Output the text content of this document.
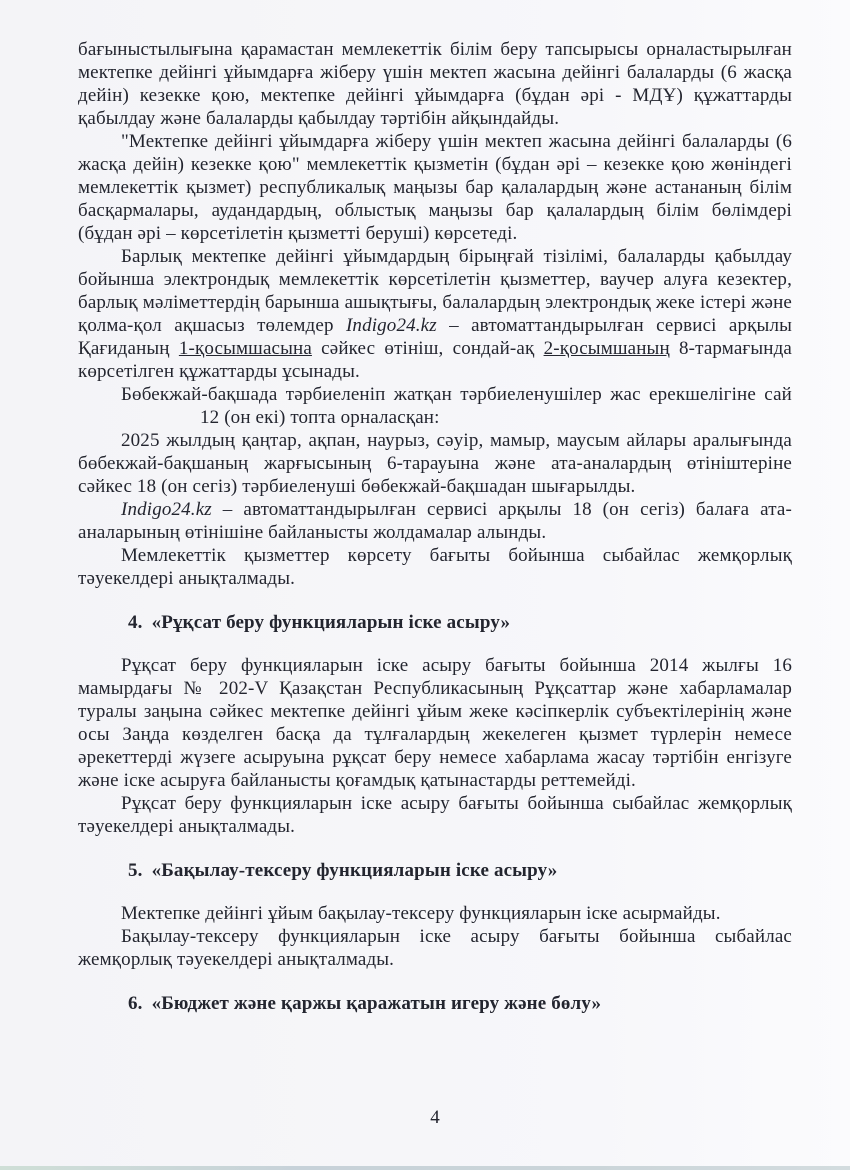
бағыныстылығына қарамастан мемлекеттік білім беру тапсырысы орналастырылған мектепке дейінгі ұйымдарға жіберу үшін мектеп жасына дейінгі балаларды (6 жасқа дейін) кезекке қою, мектепке дейінгі ұйымдарға (бұдан әрі - МДҰ) құжаттарды қабылдау және балаларды қабылдау тәртібін айқындайды.

"Мектепке дейінгі ұйымдарға жіберу үшін мектеп жасына дейінгі балаларды (6 жасқа дейін) кезекке қою" мемлекеттік қызметін (бұдан әрі – кезекке қою жөніндегі мемлекеттік қызмет) республикалық маңызы бар қалалардың және астананың білім басқармалары, аудандардың, облыстық маңызы бар қалалардың білім бөлімдері (бұдан әрі – көрсетілетін қызметті беруші) көрсетеді.

Барлық мектепке дейінгі ұйымдардың бірыңғай тізілімі, балаларды қабылдау бойынша электрондық мемлекеттік көрсетілетін қызметтер, ваучер алуға кезектер, барлық мәліметтердің барынша ашықтығы, балалардың электрондық жеке істері және қолма-қол ақшасыз төлемдер Indigo24.kz – автоматтандырылған сервисі арқылы Қағиданың 1-қосымшасына сәйкес өтініш, сондай-ақ 2-қосымшаның 8-тармағында көрсетілген құжаттарды ұсынады.

Бөбекжай-бақшада тәрбиеленіп жатқан тәрбиеленушілер жас ерекшелігіне сай12 (он екі) топта орналасқан:

2025 жылдың қаңтар, ақпан, наурыз, сәуір, мамыр, маусым айлары аралығында бөбекжай-бақшаның жарғысының 6-тарауына және ата-аналардың өтініштеріне сәйкес 18 (он сегіз) тәрбиеленуші бөбекжай-бақшадан шығарылды.

Indigo24.kz – автоматтандырылған сервисі арқылы 18 (он сегіз) балаға ата-аналарының өтінішіне байланысты жолдамалар алынды.

Мемлекеттік қызметтер көрсету бағыты бойынша сыбайлас жемқорлық тәуекелдері анықталмады.

4. «Рұқсат беру функцияларын іске асыру»

Рұқсат беру функцияларын іске асыру бағыты бойынша 2014 жылғы 16 мамырдағы № 202-V Қазақстан Республикасының Рұқсаттар және хабарламалар туралы заңына сәйкес мектепке дейінгі ұйым жеке кәсіпкерлік субъектілерінің және осы Заңда көзделген басқа да тұлғалардың жекелеген қызмет түрлерін немесе әрекеттерді жүзеге асыруына рұқсат беру немесе хабарлама жасау тәртібін енгізуге және іске асыруға байланысты қоғамдық қатынастарды реттемейді.

Рұқсат беру функцияларын іске асыру бағыты бойынша сыбайлас жемқорлық тәуекелдері анықталмады.

5. «Бақылау-тексеру функцияларын іске асыру»

Мектепке дейінгі ұйым бақылау-тексеру функцияларын іске асырмайды.

Бақылау-тексеру функцияларын іске асыру бағыты бойынша сыбайлас жемқорлық тәуекелдері анықталмады.

6. «Бюджет және қаржы қаражатын игеру және бөлу»
4
